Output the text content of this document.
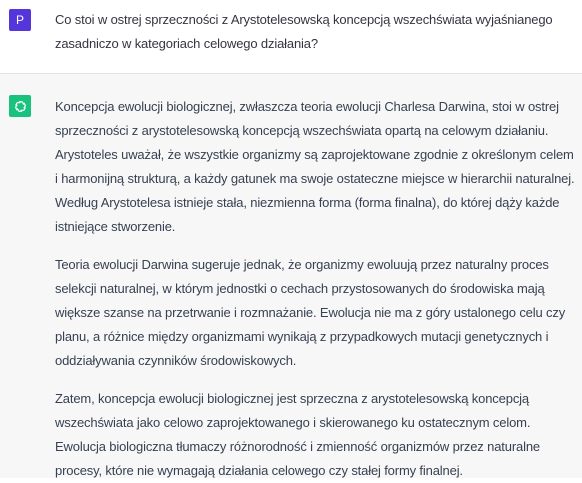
P Co stoi w ostrej sprzeczności z Arystotelesowską koncepcją wszechświata wyjaśnianego zasadniczo w kategoriach celowego działania?

Koncepcja ewolucji biologicznej, zwłaszcza teoria ewolucji Charlesa Darwina, stoi w ostrej sprzeczności z arystotelesowską koncepcją wszechświata opartą na celowym działaniu. Arystoteles uważał, że wszystkie organizmy są zaprojektowane zgodnie z określonym celem i harmonijną strukturą, a każdy gatunek ma swoje ostateczne miejsce w hierarchii naturalnej. Według Arystotelesa istnieje stała, niezmienna forma (forma finalna), do której dąży każde istniejące stworzenie.

Teoria ewolucji Darwina sugeruje jednak, że organizmy ewoluują przez naturalny proces selekcji naturalnej, w którym jednostki o cechach przystosowanych do środowiska mają większe szanse na przetrwanie i rozmnażanie. Ewolucja nie ma z góry ustalonego celu czy planu, a różnice między organizmami wynikają z przypadkowych mutacji genetycznych i oddziaływania czynników środowiskowych.

Zatem, koncepcja ewolucji biologicznej jest sprzeczna z arystotelesowską koncepcją wszechświata jako celowo zaprojektowanego i skierowanego ku ostatecznym celom. Ewolucja biologiczna tłumaczy różnorodność i zmienność organizmów przez naturalne procesy, które nie wymagają działania celowego czy stałej formy finalnej.
